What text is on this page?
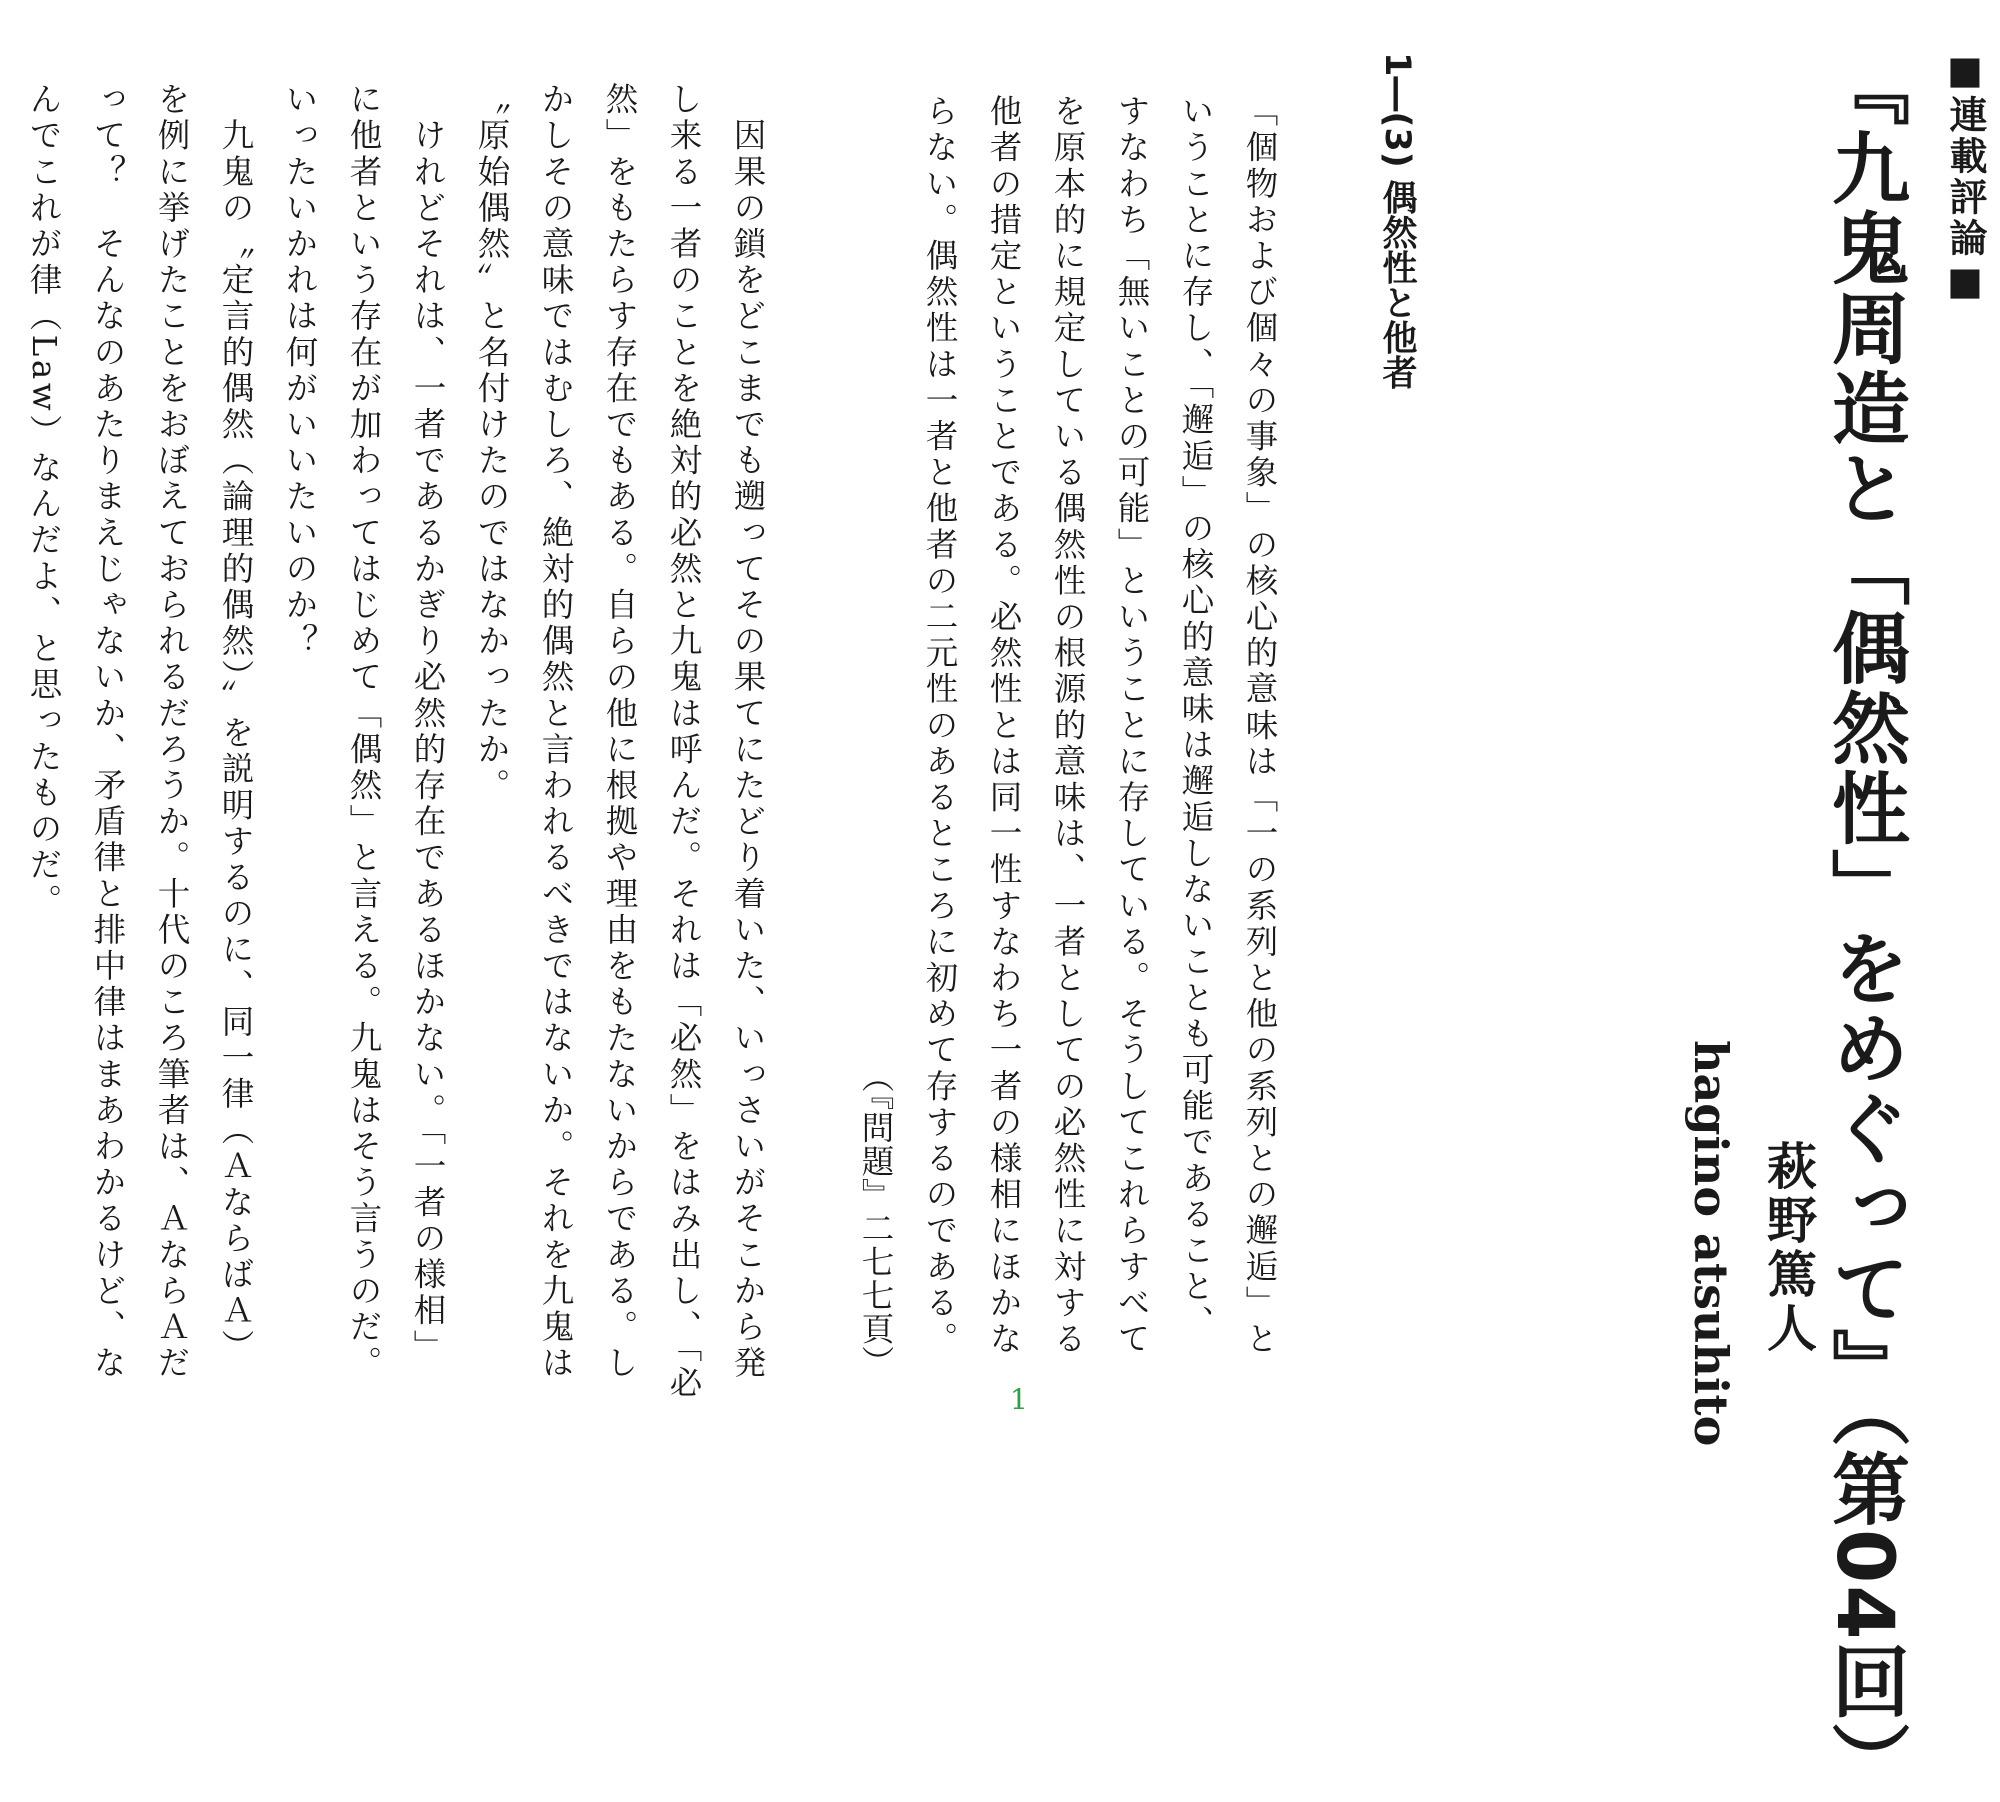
■連載評論■

『九鬼周造と「偶然性」をめぐって』（第04回）

萩野篤人

hagino atsuhito

1―(3) 偶然性と他者

「個物および個々の事象」の核心的意味は「一の系列と他の系列との邂逅」と

いうことに存し、「邂逅」の核心的意味は邂逅しないことも可能であること、

すなわち「無いことの可能」ということに存している。そうしてこれらすべて

を原本的に規定している偶然性の根源的意味は、一者としての必然性に対する

他者の措定ということである。必然性とは同一性すなわち一者の様相にほかな

らない。偶然性は一者と他者の二元性のあるところに初めて存するのである。

（『問題』二七七頁）

　因果の鎖をどこまでも遡ってその果てにたどり着いた、いっさいがそこから発

し来る一者のことを絶対的必然と九鬼は呼んだ。それは「必然」をはみ出し、「必

然」をもたらす存在でもある。自らの他に根拠や理由をもたないからである。し

かしその意味ではむしろ、絶対的偶然と言われるべきではないか。それを九鬼は

〝原始偶然〟と名付けたのではなかったか。

　けれどそれは、一者であるかぎり必然的存在であるほかない。「一者の様相」

に他者という存在が加わってはじめて「偶然」と言える。九鬼はそう言うのだ。

いったいかれは何がいいたいのか？

　九鬼の〝定言的偶然（論理的偶然）〟を説明するのに、同一律（ＡならばＡ）

を例に挙げたことをおぼえておられるだろうか。十代のころ筆者は、ＡならＡだ

って？　そんなのあたりまえじゃないか、矛盾律と排中律はまあわかるけど、な

んでこれが律（Law）なんだよ、と思ったものだ。

1
